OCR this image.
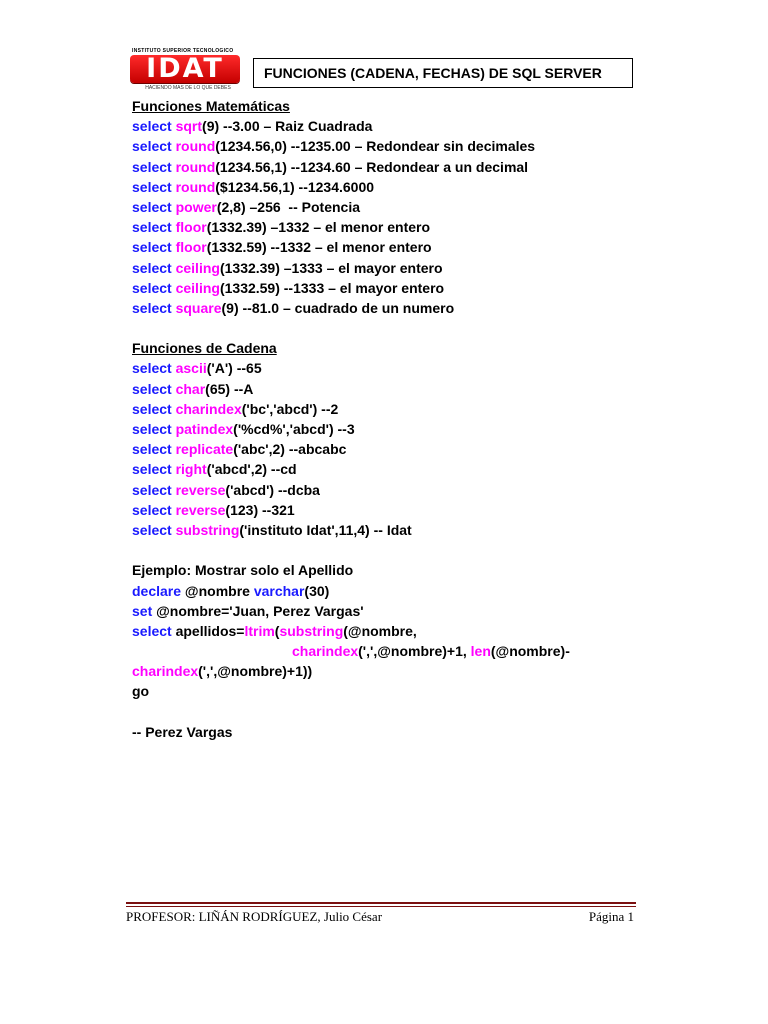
INSTITUTO SUPERIOR TECNOLÓGICO
IDAT
HACIENDO MÁS DE LO QUE DEBES
FUNCIONES (CADENA, FECHAS) DE SQL SERVER
Funciones Matemáticas
select sqrt(9) --3.00 – Raiz Cuadrada
select round(1234.56,0) --1235.00 – Redondear sin decimales
select round(1234.56,1) --1234.60 – Redondear a un decimal
select round($1234.56,1) --1234.6000
select power(2,8) –256  -- Potencia
select floor(1332.39) –1332 – el menor entero
select floor(1332.59) --1332 – el menor entero
select ceiling(1332.39) –1333 – el mayor entero
select ceiling(1332.59) --1333 – el mayor entero
select square(9) --81.0 – cuadrado de un numero
Funciones de Cadena
select ascii('A') --65
select char(65) --A
select charindex('bc','abcd') --2
select patindex('%cd%','abcd') --3
select replicate('abc',2) --abcabc
select right('abcd',2) --cd
select reverse('abcd') --dcba
select reverse(123) --321
select substring('instituto Idat',11,4) -- Idat
Ejemplo: Mostrar solo el Apellido
declare @nombre varchar(30)
set @nombre='Juan, Perez Vargas'
select apellidos=ltrim(substring(@nombre,
charindex(',',@nombre)+1, len(@nombre)-
charindex(',',@nombre)+1))
go
-- Perez Vargas
PROFESOR: LIÑÁN RODRÍGUEZ, Julio César	Página 1
